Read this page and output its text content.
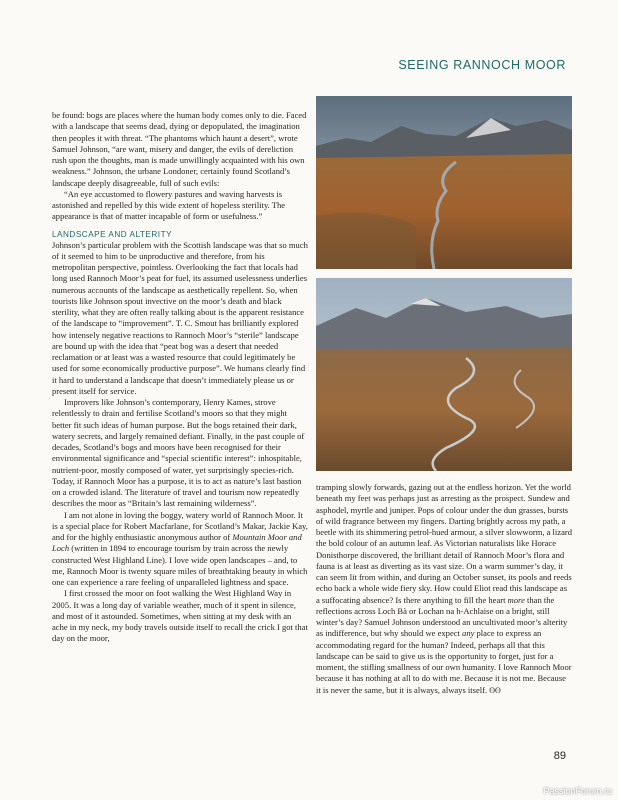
SEEING RANNOCH MOOR

be found: bogs are places where the human body comes only to die. Faced with a landscape that seems dead, dying or depopulated, the imagination then peoples it with threat. “The phantoms which haunt a desert”, wrote Samuel Johnson, “are want, misery and danger, the evils of dereliction rush upon the thoughts, man is made unwillingly acquainted with his own weakness.” Johnson, the urbane Londoner, certainly found Scotland’s landscape deeply disagreeable, full of such evils:

“An eye accustomed to flowery pastures and waving harvests is astonished and repelled by this wide extent of hopeless sterility. The appearance is that of matter incapable of form or usefulness.”

LANDSCAPE AND ALTERITY

Johnson’s particular problem with the Scottish landscape was that so much of it seemed to him to be unproductive and therefore, from his metropolitan perspective, pointless. Overlooking the fact that locals had long used Rannoch Moor’s peat for fuel, its assumed uselessness underlies numerous accounts of the landscape as aesthetically repellent. So, when tourists like Johnson spout invective on the moor’s death and black sterility, what they are often really talking about is the apparent resistance of the landscape to “improvement”. T. C. Smout has brilliantly explored how intensely negative reactions to Rannoch Moor’s “sterile” landscape are bound up with the idea that “peat bog was a desert that needed reclamation or at least was a wasted resource that could legitimately be used for some economically productive purpose”. We humans clearly find it hard to understand a landscape that doesn’t immediately please us or present itself for service.

Improvers like Johnson’s contemporary, Henry Kames, strove relentlessly to drain and fertilise Scotland’s moors so that they might better fit such ideas of human purpose. But the bogs retained their dark, watery secrets, and largely remained defiant. Finally, in the past couple of decades, Scotland’s bogs and moors have been recognised for their environmental significance and “special scientific interest”: inhospitable, nutrient-poor, mostly composed of water, yet surprisingly species-rich. Today, if Rannoch Moor has a purpose, it is to act as nature’s last bastion on a crowded island. The literature of travel and tourism now repeatedly describes the moor as “Britain’s last remaining wilderness”.

I am not alone in loving the boggy, watery world of Rannoch Moor. It is a special place for Robert Macfarlane, for Scotland’s Makar, Jackie Kay, and for the highly enthusiastic anonymous author of Mountain Moor and Loch (written in 1894 to encourage tourism by train across the newly constructed West Highland Line). I love wide open landscapes – and, to me, Rannoch Moor is twenty square miles of breathtaking beauty in which one can experience a rare feeling of unparalleled lightness and space.

I first crossed the moor on foot walking the West Highland Way in 2005. It was a long day of variable weather, much of it spent in silence, and most of it astounded. Sometimes, when sitting at my desk with an ache in my neck, my body travels outside itself to recall the crick I got that day on the moor,

tramping slowly forwards, gazing out at the endless horizon. Yet the world beneath my feet was perhaps just as arresting as the prospect. Sundew and asphodel, myrtle and juniper. Pops of colour under the dun grasses, bursts of wild fragrance between my fingers. Darting brightly across my path, a beetle with its shimmering petrol-hued armour, a silver slowworm, a lizard the bold colour of an autumn leaf. As Victorian naturalists like Horace Donisthorpe discovered, the brilliant detail of Rannoch Moor’s flora and fauna is at least as diverting as its vast size. On a warm summer’s day, it can seem lit from within, and during an October sunset, its pools and reeds echo back a whole wide fiery sky. How could Eliot read this landscape as a suffocating absence? Is there anything to fill the heart more than the reflections across Loch Bà or Lochan na h-Achlaise on a bright, still winter’s day? Samuel Johnson understood an uncultivated moor’s alterity as indifference, but why should we expect any place to express an accommodating regard for the human? Indeed, perhaps all that this landscape can be said to give us is the opportunity to forget, just for a moment, the stifling smallness of our own humanity. I love Rannoch Moor because it has nothing at all to do with me. Because it is not me. Because it is never the same, but it is always, always itself. ʘʘ

89
PassionForum.ru
